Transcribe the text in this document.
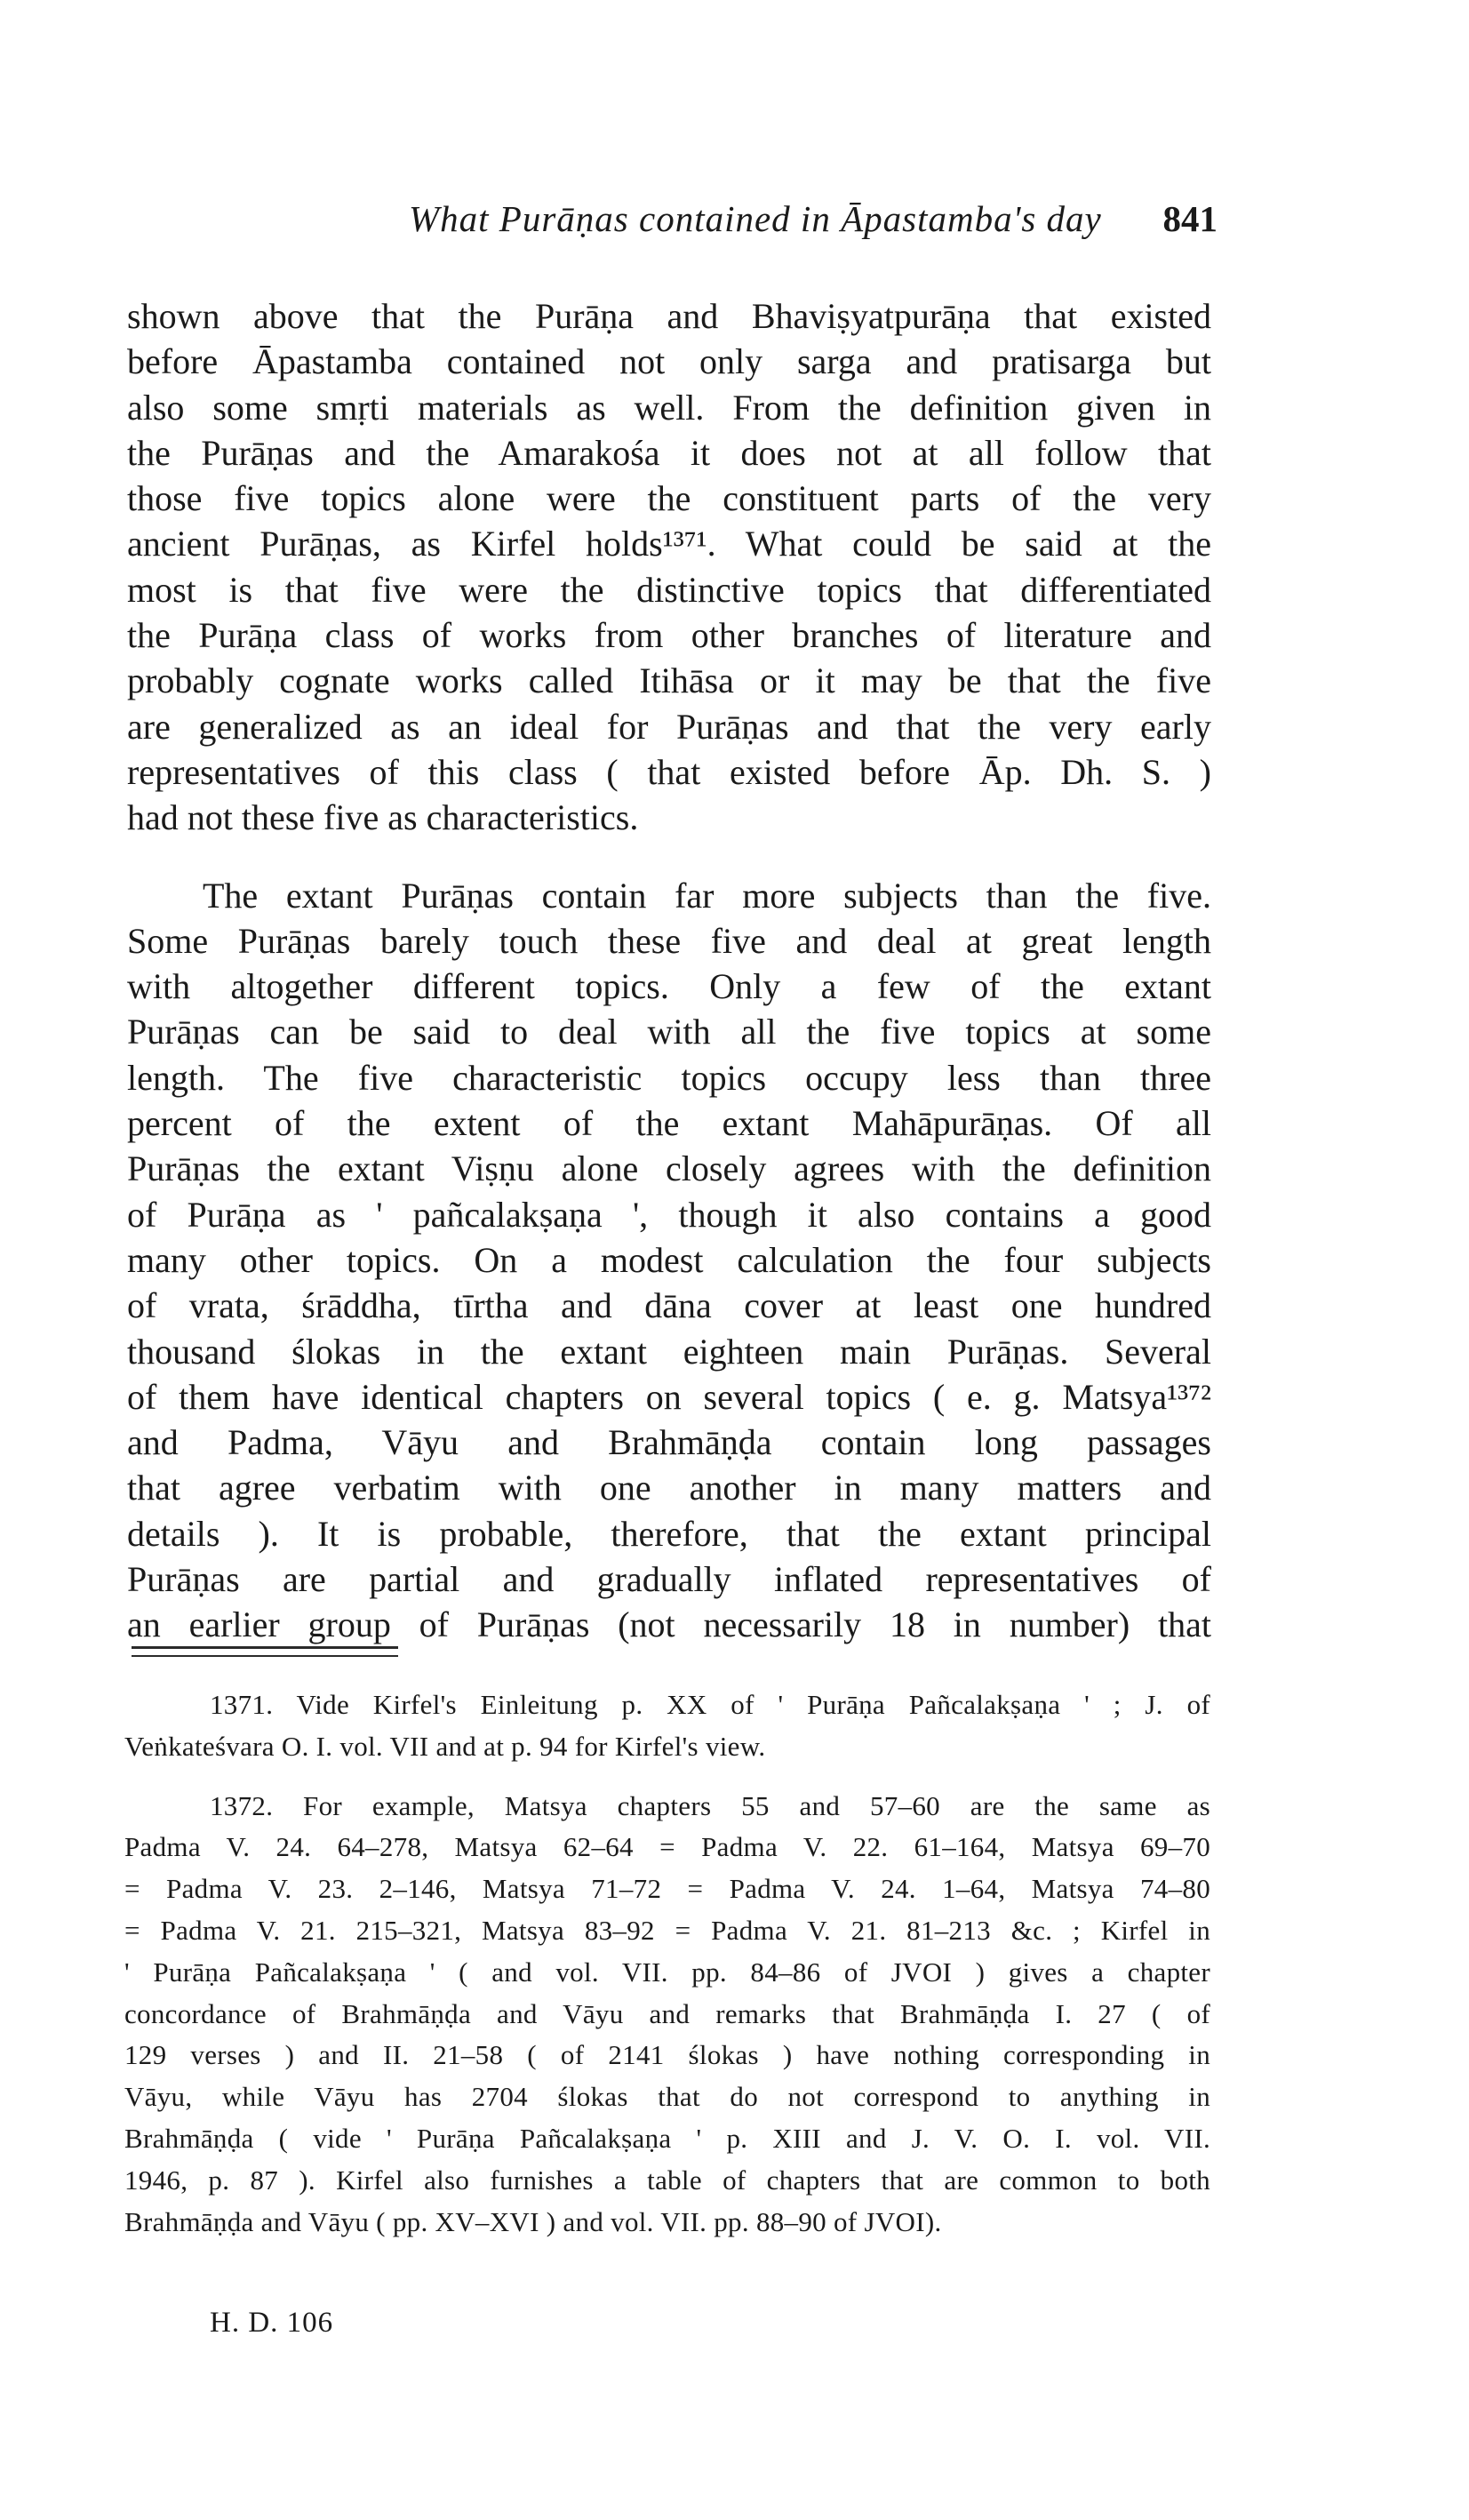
What Purāṇas contained in Āpastamba's day 841

shown above that the Purāṇa and Bhaviṣyatpurāṇa that existed
before Āpastamba contained not only sarga and pratisarga but
also some smṛti materials as well. From the definition given in
the Purāṇas and the Amarakośa it does not at all follow that
those five topics alone were the constituent parts of the very
ancient Purāṇas, as Kirfel holds¹³⁷¹. What could be said at the
most is that five were the distinctive topics that differentiated
the Purāṇa class of works from other branches of literature and
probably cognate works called Itihāsa or it may be that the five
are generalized as an ideal for Purāṇas and that the very early
representatives of this class ( that existed before Āp. Dh. S. )
had not these five as characteristics.

The extant Purāṇas contain far more subjects than the five.
Some Purāṇas barely touch these five and deal at great length
with altogether different topics. Only a few of the extant
Purāṇas can be said to deal with all the five topics at some
length. The five characteristic topics occupy less than three
percent of the extent of the extant Mahāpurāṇas. Of all
Purāṇas the extant Viṣṇu alone closely agrees with the definition
of Purāṇa as ' pañcalakṣaṇa ', though it also contains a good
many other topics. On a modest calculation the four subjects
of vrata, śrāddha, tīrtha and dāna cover at least one hundred
thousand ślokas in the extant eighteen main Purāṇas. Several
of them have identical chapters on several topics ( e. g. Matsya¹³⁷²
and Padma, Vāyu and Brahmāṇḍa contain long passages
that agree verbatim with one another in many matters and
details ). It is probable, therefore, that the extant principal
Purāṇas are partial and gradually inflated representatives of
an earlier group of Purāṇas (not necessarily 18 in number) that

1371. Vide Kirfel's Einleitung p. XX of ' Purāṇa Pañcalakṣaṇa ' ; J. of
Veṅkateśvara O. I. vol. VII and at p. 94 for Kirfel's view.

1372. For example, Matsya chapters 55 and 57–60 are the same as
Padma V. 24. 64–278, Matsya 62–64 = Padma V. 22. 61–164, Matsya 69–70
= Padma V. 23. 2–146, Matsya 71–72 = Padma V. 24. 1–64, Matsya 74–80
= Padma V. 21. 215–321, Matsya 83–92 = Padma V. 21. 81–213 &c. ; Kirfel in
' Purāṇa Pañcalakṣaṇa ' ( and vol. VII. pp. 84–86 of JVOI ) gives a chapter
concordance of Brahmāṇḍa and Vāyu and remarks that Brahmāṇḍa I. 27 ( of
129 verses ) and II. 21–58 ( of 2141 ślokas ) have nothing corresponding in
Vāyu, while Vāyu has 2704 ślokas that do not correspond to anything in
Brahmāṇḍa ( vide ' Purāṇa Pañcalakṣaṇa ' p. XIII and J. V. O. I. vol. VII.
1946, p. 87 ). Kirfel also furnishes a table of chapters that are common to both
Brahmāṇḍa and Vāyu ( pp. XV–XVI ) and vol. VII. pp. 88–90 of JVOI).

H. D. 106
